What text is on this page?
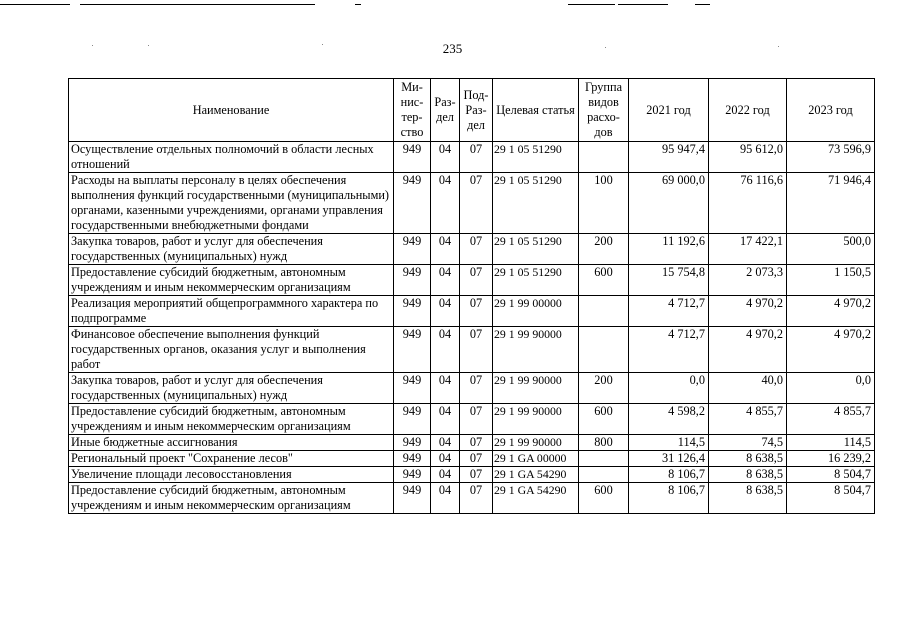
235
Наименование	Ми-ниc-тер-ство	Раз-дел	Под-Раз-дел	Целевая статья	Группа видов расхо-дов	2021 год	2022 год	2023 год
Осуществление отдельных полномочий в области лесных отношений	949	04	07	29 1 05 51290		95 947,4	95 612,0	73 596,9
Расходы на выплаты персоналу в целях обеспечения выполнения функций государственными (муниципальными) органами, казенными учреждениями, органами управления государственными внебюджетными фондами	949	04	07	29 1 05 51290	100	69 000,0	76 116,6	71 946,4
Закупка товаров, работ и услуг для обеспечения государственных (муниципальных) нужд	949	04	07	29 1 05 51290	200	11 192,6	17 422,1	500,0
Предоставление субсидий бюджетным, автономным учреждениям и иным некоммерческим организациям	949	04	07	29 1 05 51290	600	15 754,8	2 073,3	1 150,5
Реализация мероприятий общепрограммного характера по подпрограмме	949	04	07	29 1 99 00000		4 712,7	4 970,2	4 970,2
Финансовое обеспечение выполнения функций государственных органов, оказания услуг и выполнения работ	949	04	07	29 1 99 90000		4 712,7	4 970,2	4 970,2
Закупка товаров, работ и услуг для обеспечения государственных (муниципальных) нужд	949	04	07	29 1 99 90000	200	0,0	40,0	0,0
Предоставление субсидий бюджетным, автономным учреждениям и иным некоммерческим организациям	949	04	07	29 1 99 90000	600	4 598,2	4 855,7	4 855,7
Иные бюджетные ассигнования	949	04	07	29 1 99 90000	800	114,5	74,5	114,5
Региональный проект "Сохранение лесов"	949	04	07	29 1 GA 00000		31 126,4	8 638,5	16 239,2
Увеличение площади лесовосстановления	949	04	07	29 1 GA 54290		8 106,7	8 638,5	8 504,7
Предоставление субсидий бюджетным, автономным учреждениям и иным некоммерческим организациям	949	04	07	29 1 GA 54290	600	8 106,7	8 638,5	8 504,7
